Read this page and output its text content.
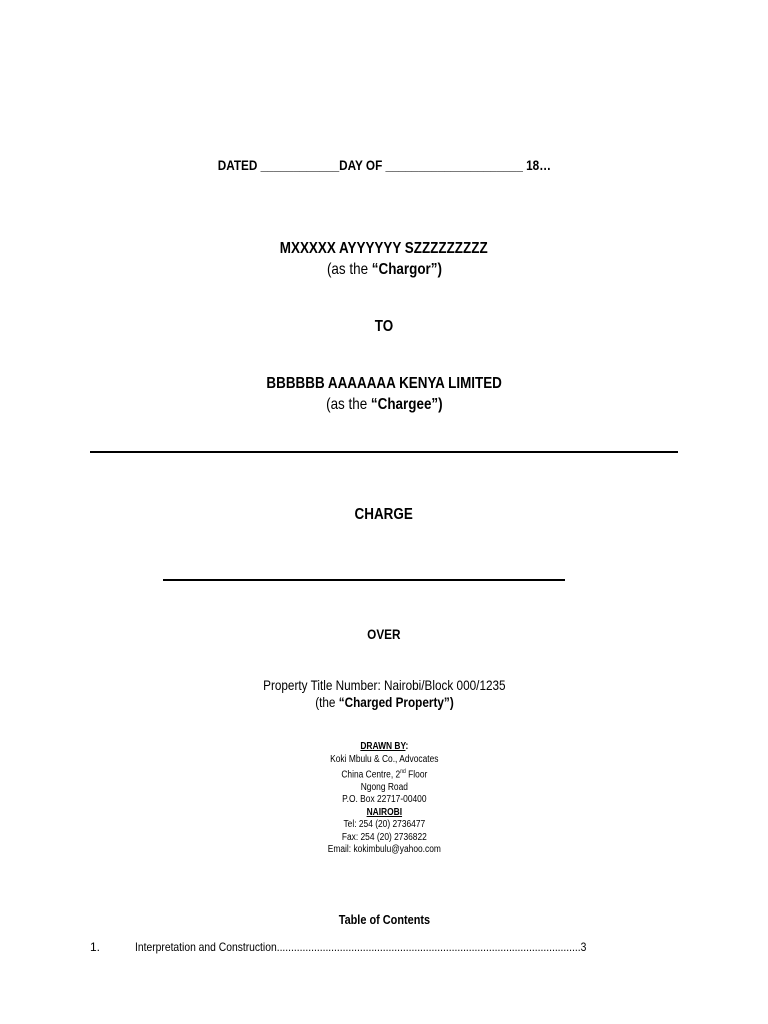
DATED ____________DAY OF _____________________ 18…
MXXXXX AYYYYYY SZZZZZZZZZ
(as the “Chargor”)
TO
BBBBBB AAAAAAA KENYA LIMITED
(as the “Chargee”)
CHARGE
OVER
Property Title Number: Nairobi/Block 000/1235
(the “Charged Property”)
DRAWN BY:
Koki Mbulu & Co., Advocates
China Centre, 2nd Floor
Ngong Road
P.O. Box 22717-00400
NAIROBI
Tel: 254 (20) 2736477
Fax: 254 (20) 2736822
Email: kokimbulu@yahoo.com
Table of Contents
1.	Interpretation and Construction..........................................................................................................3
